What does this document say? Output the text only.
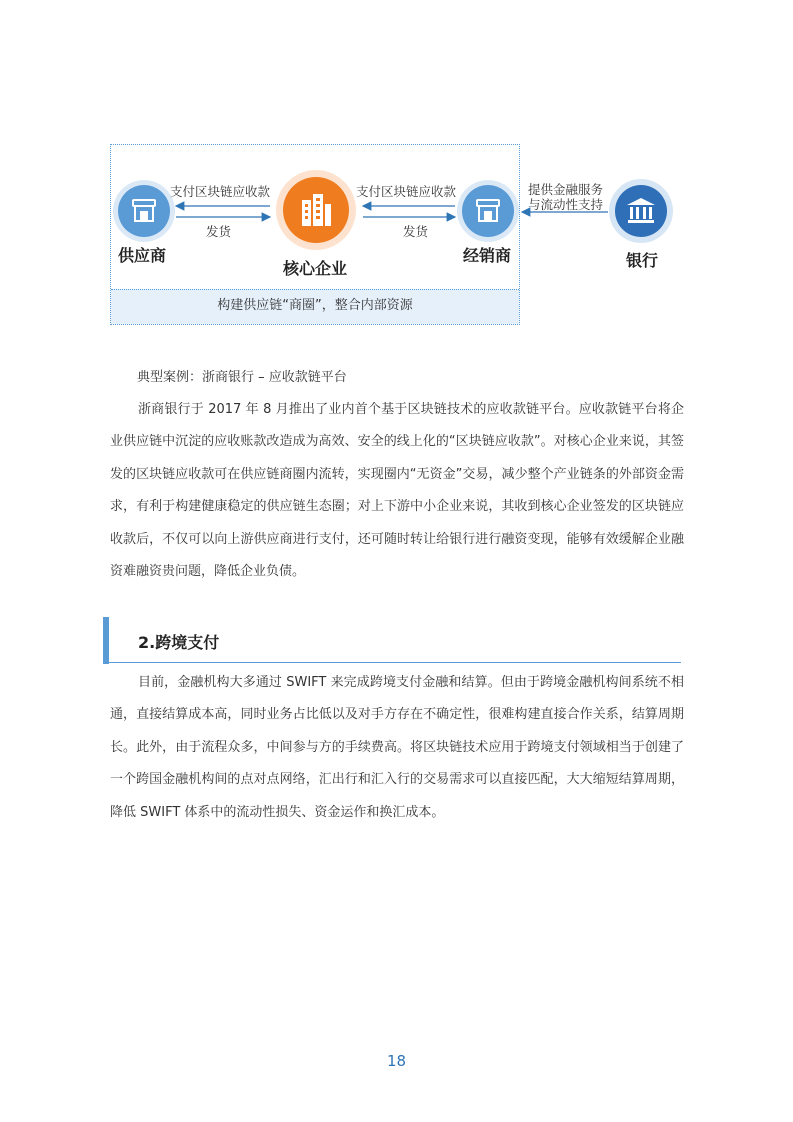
构建供应链“商圈”，整合内部资源
供应商
核心企业
经销商	银行
支付区块链应收款
发货
支付区块链应收款
发货
提供金融服务
与流动性支持
典型案例：浙商银行 – 应收款链平台

浙商银行于 2017 年 8 月推出了业内首个基于区块链技术的应收款链平台。应收款链平台将企业供应链中沉淀的应收账款改造成为高效、安全的线上化的“区块链应收款”。对核心企业来说，其签发的区块链应收款可在供应链商圈内流转，实现圈内“无资金”交易，减少整个产业链条的外部资金需求，有利于构建健康稳定的供应链生态圈；对上下游中小企业来说，其收到核心企业签发的区块链应收款后，不仅可以向上游供应商进行支付，还可随时转让给银行进行融资变现，能够有效缓解企业融资难融资贵问题，降低企业负债。

2.跨境支付

目前，金融机构大多通过 SWIFT 来完成跨境支付金融和结算。但由于跨境金融机构间系统不相通，直接结算成本高，同时业务占比低以及对手方存在不确定性，很难构建直接合作关系，结算周期长。此外，由于流程众多，中间参与方的手续费高。将区块链技术应用于跨境支付领域相当于创建了一个跨国金融机构间的点对点网络，汇出行和汇入行的交易需求可以直接匹配，大大缩短结算周期，降低 SWIFT 体系中的流动性损失、资金运作和换汇成本。

18
